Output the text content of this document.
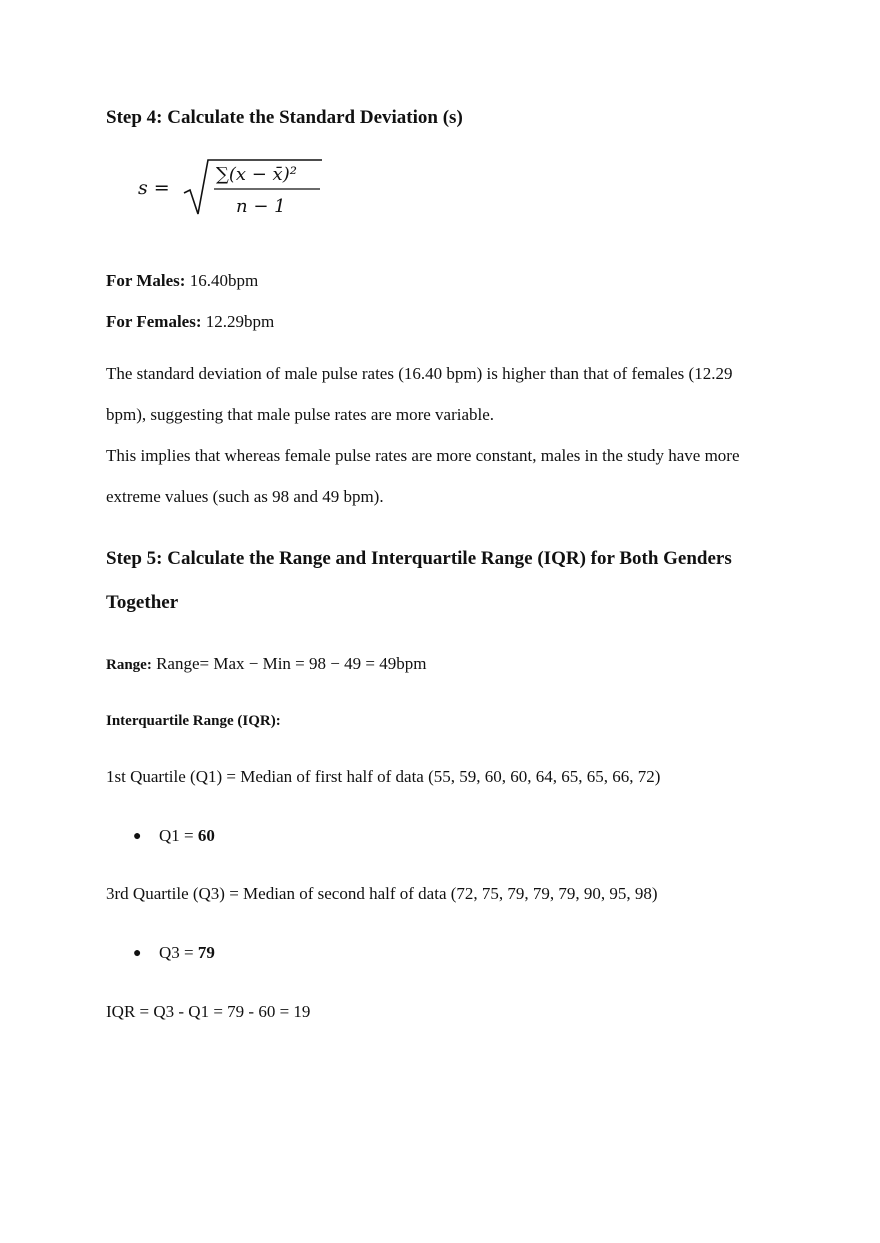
Step 4: Calculate the Standard Deviation (s)
s =
∑(x − x̄)²
n − 1
For Males: 16.40bpm
For Females: 12.29bpm
The standard deviation of male pulse rates (16.40 bpm) is higher than that of females (12.29
bpm), suggesting that male pulse rates are more variable.
This implies that whereas female pulse rates are more constant, males in the study have more
extreme values (such as 98 and 49 bpm).
Step 5: Calculate the Range and Interquartile Range (IQR) for Both Genders
Together
Range: Range= Max − Min = 98 − 49 = 49bpm
Interquartile Range (IQR):
1st Quartile (Q1) = Median of first half of data (55, 59, 60, 60, 64, 65, 65, 66, 72)
● Q1 = 60
3rd Quartile (Q3) = Median of second half of data (72, 75, 79, 79, 79, 90, 95, 98)
● Q3 = 79
IQR = Q3 - Q1 = 79 - 60 = 19
